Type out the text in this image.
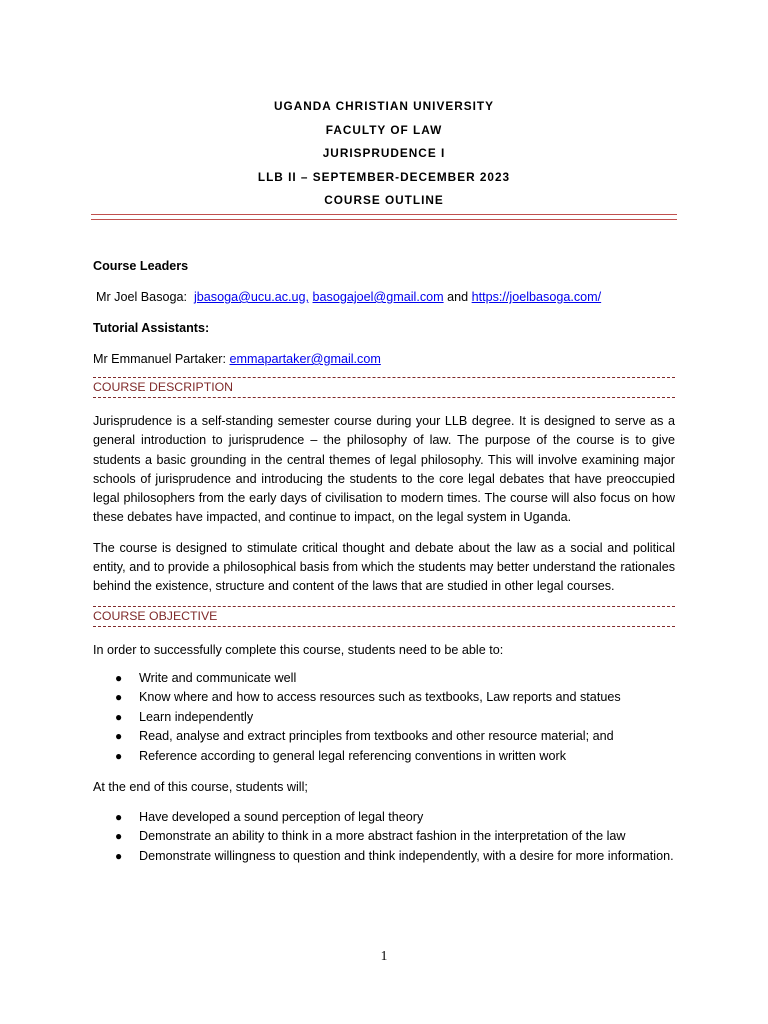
UGANDA CHRISTIAN UNIVERSITY
FACULTY OF LAW
JURISPRUDENCE I
LLB II – SEPTEMBER-DECEMBER 2023
COURSE OUTLINE

Course Leaders

Mr Joel Basoga: jbasoga@ucu.ac.ug, basogajoel@gmail.com and https://joelbasoga.com/

Tutorial Assistants:

Mr Emmanuel Partaker: emmapartaker@gmail.com

COURSE DESCRIPTION

Jurisprudence is a self-standing semester course during your LLB degree. It is designed to serve as a general introduction to jurisprudence – the philosophy of law. The purpose of the course is to give students a basic grounding in the central themes of legal philosophy. This will involve examining major schools of jurisprudence and introducing the students to the core legal debates that have preoccupied legal philosophers from the early days of civilisation to modern times. The course will also focus on how these debates have impacted, and continue to impact, on the legal system in Uganda.

The course is designed to stimulate critical thought and debate about the law as a social and political entity, and to provide a philosophical basis from which the students may better understand the rationales behind the existence, structure and content of the laws that are studied in other legal courses.

COURSE OBJECTIVE

In order to successfully complete this course, students need to be able to:

● Write and communicate well
● Know where and how to access resources such as textbooks, Law reports and statues
● Learn independently
● Read, analyse and extract principles from textbooks and other resource material; and
● Reference according to general legal referencing conventions in written work

At the end of this course, students will;

● Have developed a sound perception of legal theory
● Demonstrate an ability to think in a more abstract fashion in the interpretation of the law
● Demonstrate willingness to question and think independently, with a desire for more information.
1
